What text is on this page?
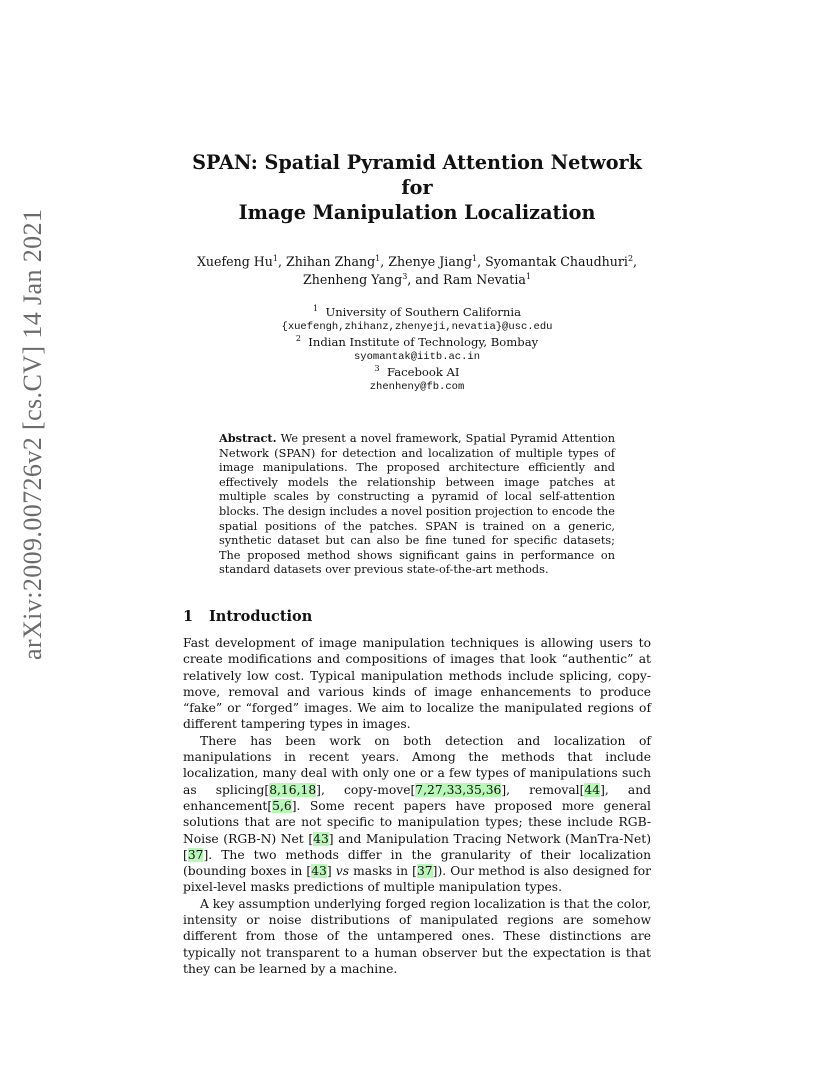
arXiv:2009.00726v2 [cs.CV] 14 Jan 2021
SPAN: Spatial Pyramid Attention Network for
Image Manipulation Localization
Xuefeng Hu$^1$, Zhihan Zhang$^1$, Zhenye Jiang$^1$, Syomantak Chaudhuri$^2$,
Zhenheng Yang$^3$, and Ram Nevatia$^1$
$^1$ University of Southern California
{xuefengh,zhihanz,zhenyeji,nevatia}@usc.edu
$^2$ Indian Institute of Technology, Bombay
syomantak@iitb.ac.in
$^3$ Facebook AI
zhenheny@fb.com
Abstract. We present a novel framework, Spatial Pyramid Attention Network (SPAN) for detection and localization of multiple types of image manipulations. The proposed architecture efficiently and effectively models the relationship between image patches at multiple scales by constructing a pyramid of local self-attention blocks. The design includes a novel position projection to encode the spatial positions of the patches. SPAN is trained on a generic, synthetic dataset but can also be fine tuned for specific datasets; The proposed method shows significant gains in performance on standard datasets over previous state-of-the-art methods.
1 Introduction

Fast development of image manipulation techniques is allowing users to create modifications and compositions of images that look “authentic” at relatively low cost. Typical manipulation methods include splicing, copy-move, removal and various kinds of image enhancements to produce “fake” or “forged” images. We aim to localize the manipulated regions of different tampering types in images.

There has been work on both detection and localization of manipulations in recent years. Among the methods that include localization, many deal with only one or a few types of manipulations such as splicing[8,16,18], copy-move[7,27,33,35,36], removal[44], and enhancement[5,6]. Some recent papers have proposed more general solutions that are not specific to manipulation types; these include RGB-Noise (RGB-N) Net [43] and Manipulation Tracing Network (ManTra-Net) [37]. The two methods differ in the granularity of their localization (bounding boxes in [43] vs masks in [37]). Our method is also designed for pixel-level masks predictions of multiple manipulation types.

A key assumption underlying forged region localization is that the color, intensity or noise distributions of manipulated regions are somehow different from those of the untampered ones. These distinctions are typically not transparent to a human observer but the expectation is that they can be learned by a machine.
